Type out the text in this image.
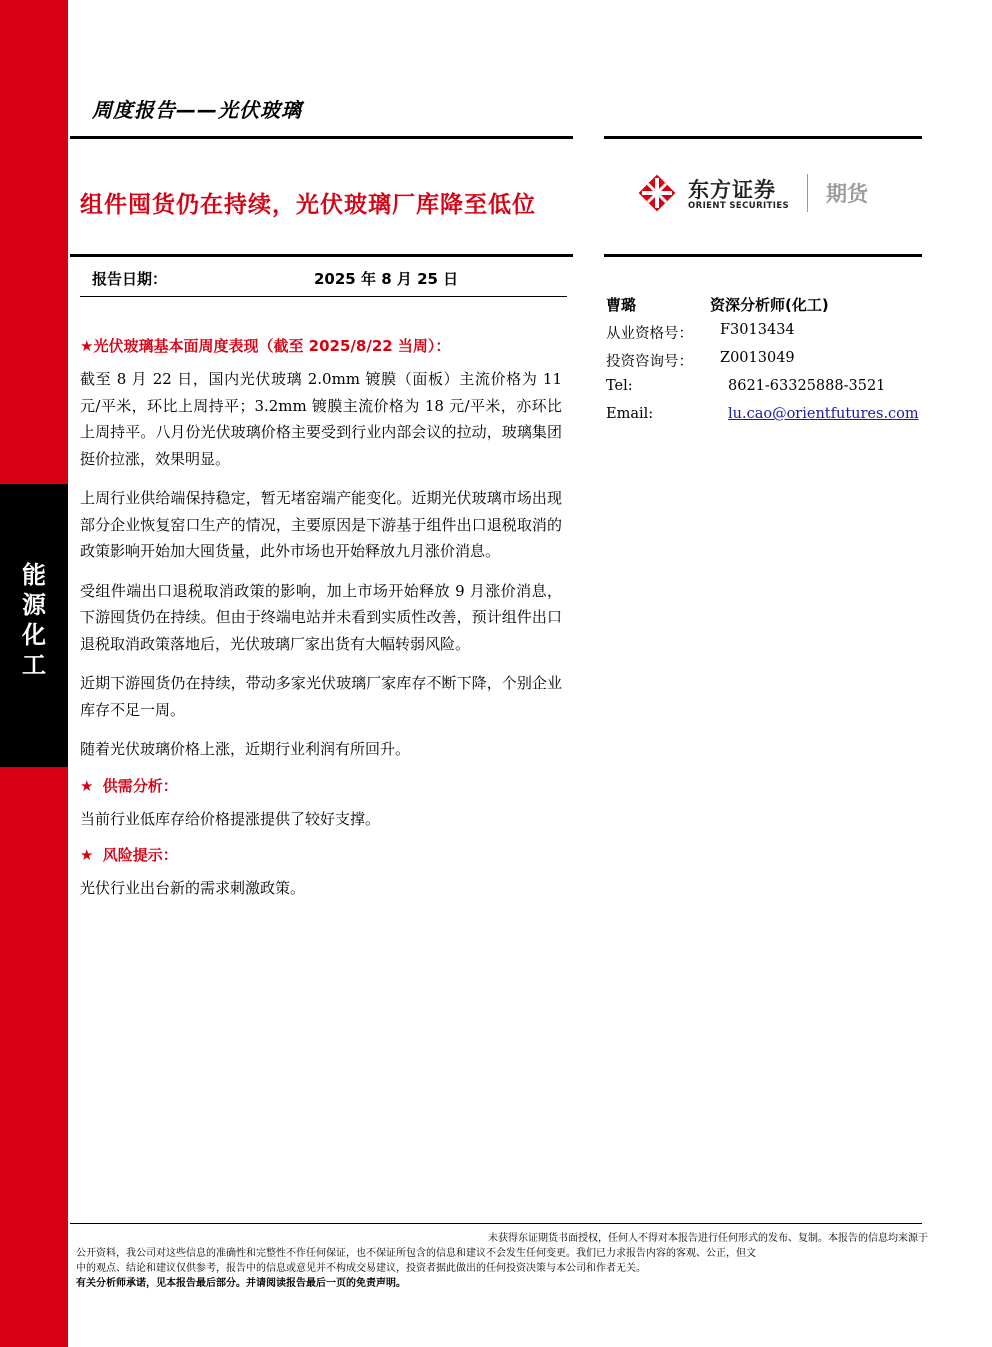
能
源
化
工
周度报告——光伏玻璃
组件囤货仍在持续，光伏玻璃厂库降至低位
东方证券
ORIENT SECURITIES 期货
报告日期：	2025 年 8 月 25 日
曹璐	资深分析师(化工)
从业资格号： F3013434
投资咨询号： Z0013049
Tel:	8621-63325888-3521
Email:	lu.cao@orientfutures.com
★光伏玻璃基本面周度表现（截至 2025/8/22 当周）：

截至 8 月 22 日，国内光伏玻璃 2.0mm 镀膜（面板）主流价格为 11 元/平米，环比上周持平；3.2mm 镀膜主流价格为 18 元/平米，亦环比上周持平。八月份光伏玻璃价格主要受到行业内部会议的拉动，玻璃集团挺价拉涨，效果明显。

上周行业供给端保持稳定，暂无堵窑端产能变化。近期光伏玻璃市场出现部分企业恢复窑口生产的情况，主要原因是下游基于组件出口退税取消的政策影响开始加大囤货量，此外市场也开始释放九月涨价消息。

受组件端出口退税取消政策的影响，加上市场开始释放 9 月涨价消息，下游囤货仍在持续。但由于终端电站并未看到实质性改善，预计组件出口退税取消政策落地后，光伏玻璃厂家出货有大幅转弱风险。

近期下游囤货仍在持续，带动多家光伏玻璃厂家库存不断下降，个别企业库存不足一周。

随着光伏玻璃价格上涨，近期行业利润有所回升。

★ 供需分析：

当前行业低库存给价格提涨提供了较好支撑。

★ 风险提示：

光伏行业出台新的需求刺激政策。

未获得东证期货书面授权，任何人不得对本报告进行任何形式的发布、复制。本报告的信息均来源于
公开资料，我公司对这些信息的准确性和完整性不作任何保证，也不保证所包含的信息和建议不会发生任何变更。我们已力求报告内容的客观、公正，但文
中的观点、结论和建议仅供参考，报告中的信息或意见并不构成交易建议，投资者据此做出的任何投资决策与本公司和作者无关。
有关分析师承诺，见本报告最后部分。并请阅读报告最后一页的免责声明。
